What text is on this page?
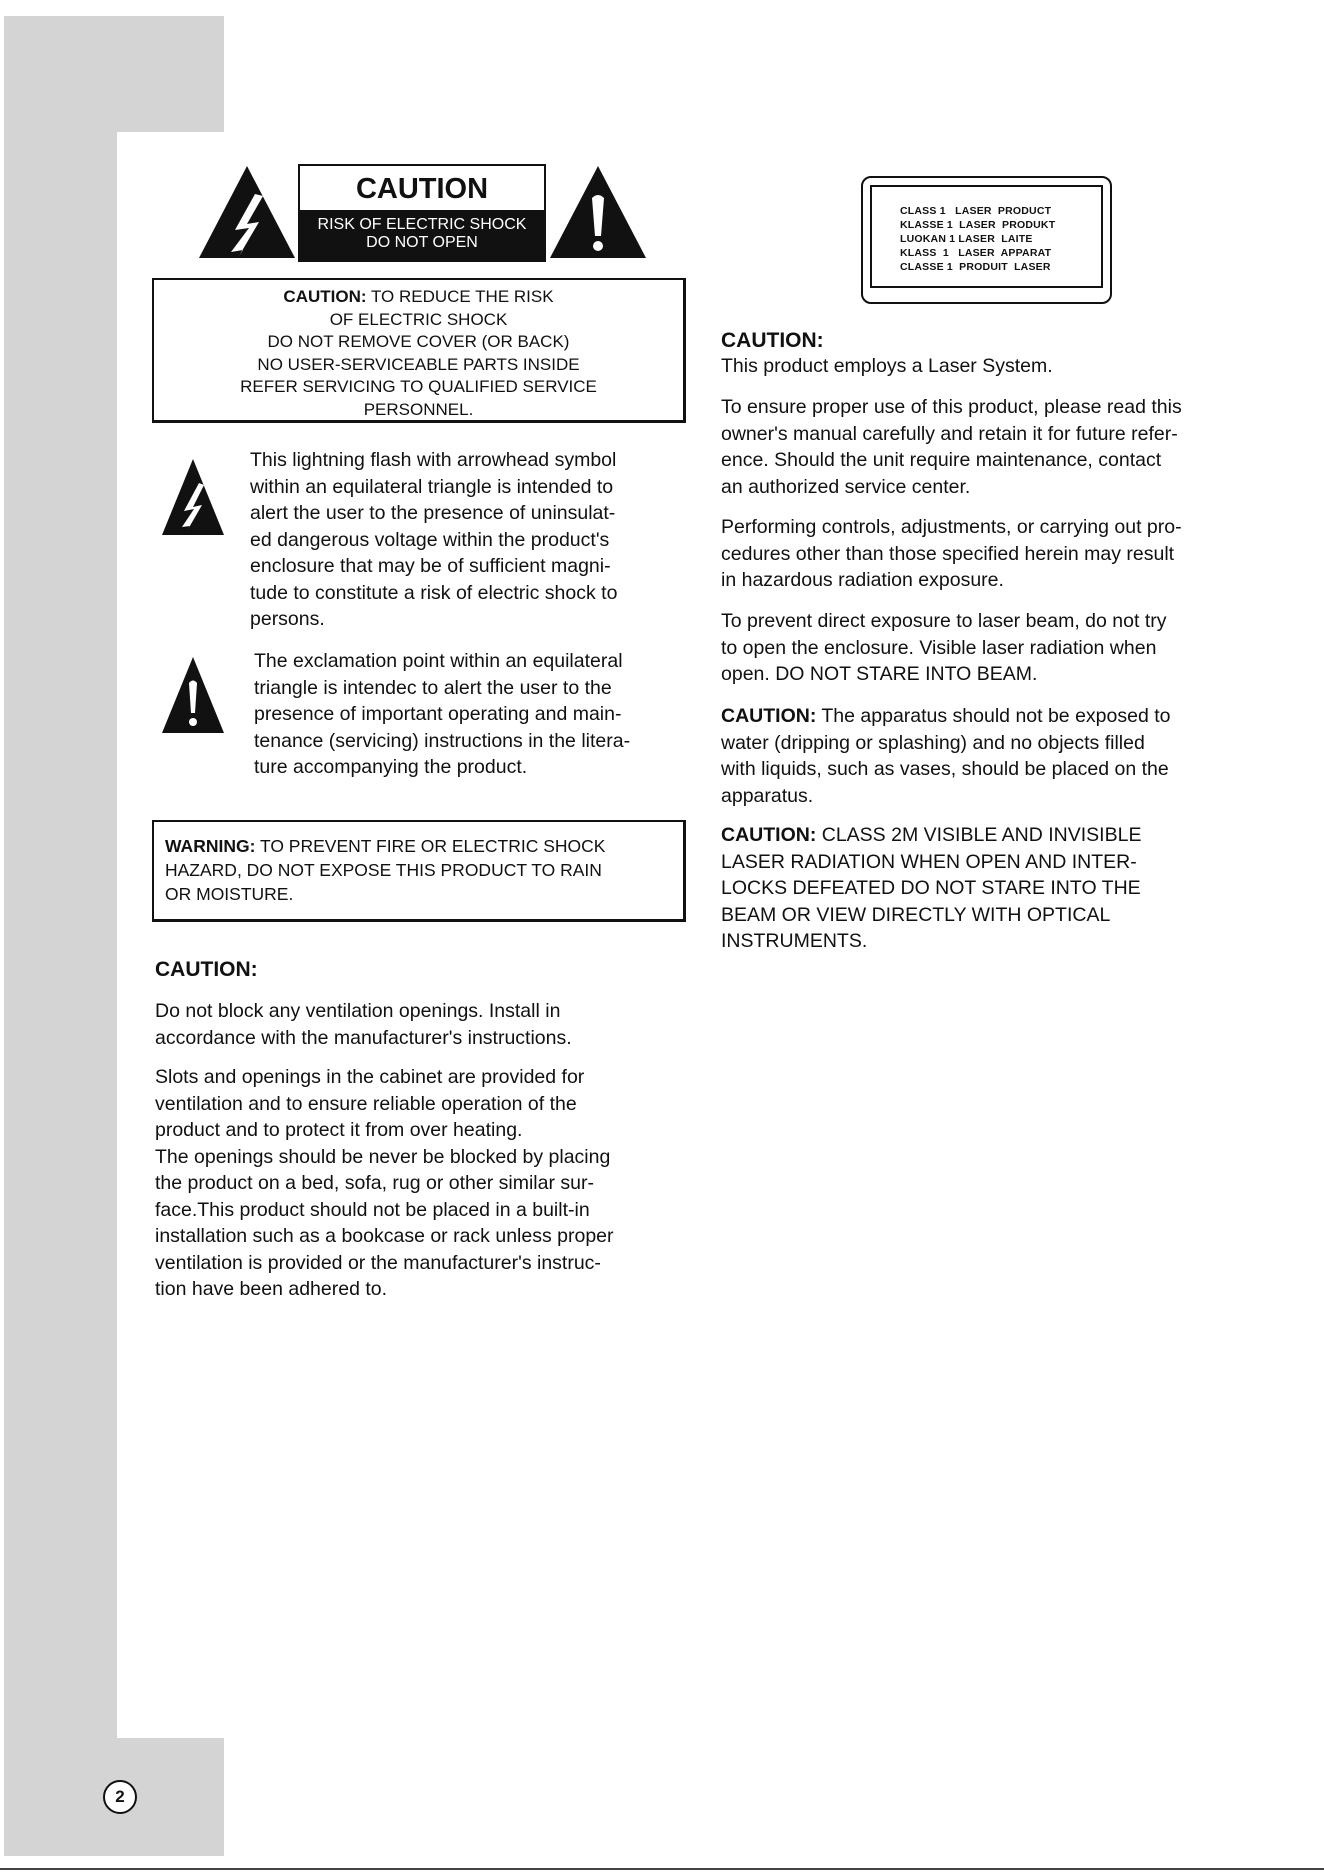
2
CAUTION
RISK OF ELECTRIC SHOCK
DO NOT OPEN
CAUTION: TO REDUCE THE RISK
OF ELECTRIC SHOCK
DO NOT REMOVE COVER (OR BACK)
NO USER-SERVICEABLE PARTS INSIDE
REFER SERVICING TO QUALIFIED SERVICE
PERSONNEL.
This lightning flash with arrowhead symbol
within an equilateral triangle is intended to
alert the user to the presence of uninsulat-
ed dangerous voltage within the product's
enclosure that may be of sufficient magni-
tude to constitute a risk of electric shock to
persons.
The exclamation point within an equilateral
triangle is intendec to alert the user to the
presence of important operating and main-
tenance (servicing) instructions in the litera-
ture accompanying the product.
WARNING: TO PREVENT FIRE OR ELECTRIC SHOCK
HAZARD, DO NOT EXPOSE THIS PRODUCT TO RAIN
OR MOISTURE.
CAUTION:
Do not block any ventilation openings. Install in
accordance with the manufacturer's instructions.
Slots and openings in the cabinet are provided for
ventilation and to ensure reliable operation of the
product and to protect it from over heating.
The openings should be never be blocked by placing
the product on a bed, sofa, rug or other similar sur-
face.This product should not be placed in a built-in
installation such as a bookcase or rack unless proper
ventilation is provided or the manufacturer's instruc-
tion have been adhered to.
CLASS 1   LASER  PRODUCT
KLASSE 1  LASER  PRODUKT
LUOKAN 1 LASER  LAITE
KLASS  1   LASER  APPARAT
CLASSE 1  PRODUIT  LASER
CAUTION:
This product employs a Laser System.
To ensure proper use of this product, please read this
owner's manual carefully and retain it for future refer-
ence. Should the unit require maintenance, contact
an authorized service center.
Performing controls, adjustments, or carrying out pro-
cedures other than those specified herein may result
in hazardous radiation exposure.
To prevent direct exposure to laser beam, do not try
to open the enclosure. Visible laser radiation when
open. DO NOT STARE INTO BEAM.
CAUTION: The apparatus should not be exposed to
water (dripping or splashing) and no objects filled
with liquids, such as vases, should be placed on the
apparatus.
CAUTION: CLASS 2M VISIBLE AND INVISIBLE
LASER RADIATION WHEN OPEN AND INTER-
LOCKS DEFEATED DO NOT STARE INTO THE
BEAM OR VIEW DIRECTLY WITH OPTICAL
INSTRUMENTS.
